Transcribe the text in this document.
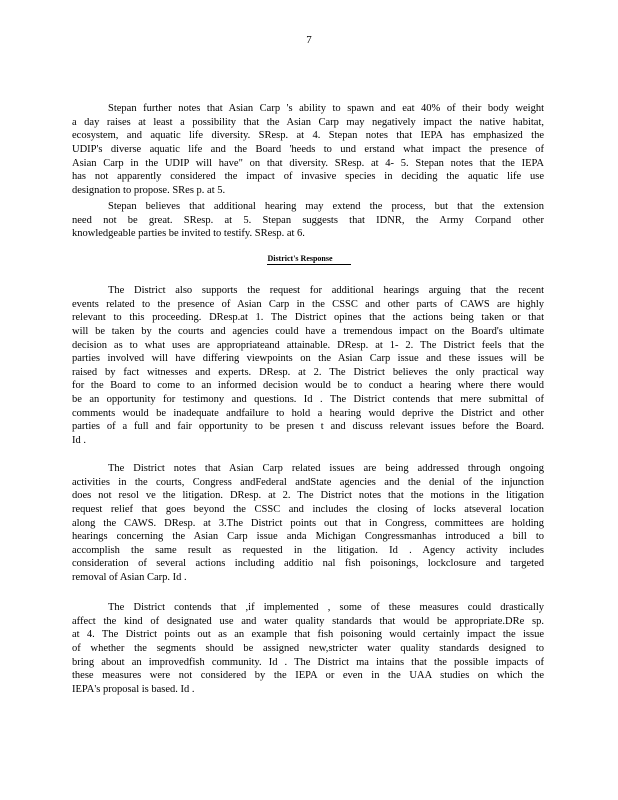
7
Stepan further notes that Asian Carp 's ability to spawn and eat 40% of their body weight
a day raises at least a possibility that the Asian Carp may negatively impact the native habitat,
ecosystem, and aquatic life diversity. SResp. at 4. Stepan notes that IEPA has emphasized the
UDIP's diverse aquatic life and the Board 'heeds to und erstand what impact the presence of
Asian Carp in the UDIP will have" on that diversity. SResp. at 4- 5. Stepan notes that the IEPA
has not apparently considered the impact of invasive species in deciding the aquatic life use
designation to propose. SRes p. at 5.
Stepan believes that additional hearing may extend the process, but that the extension
need not be great. SResp. at 5. Stepan suggests that IDNR, the Army Corpand other
knowledgeable parties be invited to testify. SResp. at 6.
District's Response
The District also supports the request for additional hearings arguing that the recent
events related to the presence of Asian Carp in the CSSC and other parts of CAWS are highly
relevant to this proceeding. DResp.at 1. The District opines that the actions being taken or that
will be taken by the courts and agencies could have a tremendous impact on the Board's ultimate
decision as to what uses are appropriateand attainable. DResp. at 1- 2. The District feels that the
parties involved will have differing viewpoints on the Asian Carp issue and these issues will be
raised by fact witnesses and experts. DResp. at 2. The District believes the only practical way
for the Board to come to an informed decision would be to conduct a hearing where there would
be an opportunity for testimony and questions. Id . The District contends that mere submittal of
comments would be inadequate andfailure to hold a hearing would deprive the District and other
parties of a full and fair opportunity to be presen t and discuss relevant issues before the Board.
Id .
The District notes that Asian Carp related issues are being addressed through ongoing
activities in the courts, Congress andFederal andState agencies and the denial of the injunction
does not resol ve the litigation. DResp. at 2. The District notes that the motions in the litigation
request relief that goes beyond the CSSC and includes the closing of locks atseveral location
along the CAWS. DResp. at 3.The District points out that in Congress, committees are holding
hearings concerning the Asian Carp issue anda Michigan Congressmanhas introduced a bill to
accomplish the same result as requested in the litigation. Id . Agency activity includes
consideration of several actions including additio nal fish poisonings, lockclosure and targeted
removal of Asian Carp. Id .
The District contends that ,if implemented , some of these measures could drastically
affect the kind of designated use and water quality standards that would be appropriate.DRe sp.
at 4. The District points out as an example that fish poisoning would certainly impact the issue
of whether the segments should be assigned new,stricter water quality standards designed to
bring about an improvedfish community. Id . The District ma intains that the possible impacts of
these measures were not considered by the IEPA or even in the UAA studies on which the
IEPA's proposal is based. Id .
